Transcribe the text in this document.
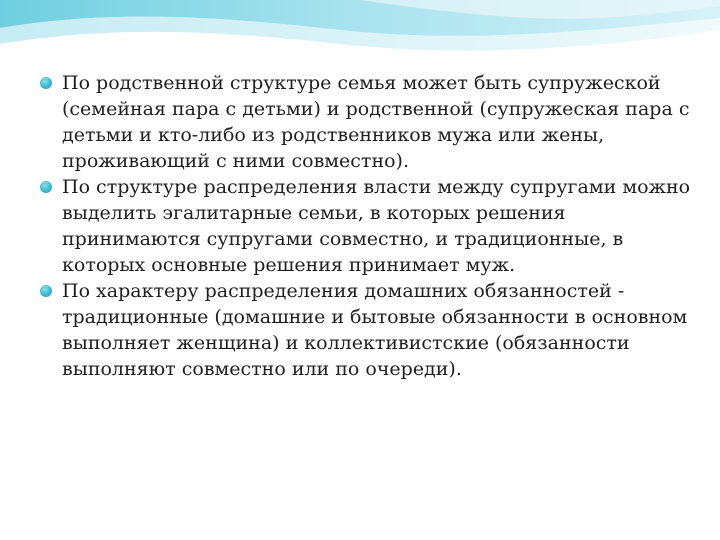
По родственной структуре семья может быть супружеской (семейная пара с детьми) и родственной (супружеская пара с детьми и кто-либо из родственников мужа или жены, проживающий с ними совместно).
По структуре распределения власти между супругами можно выделить эгалитарные семьи, в которых решения принимаются супругами совместно, и традиционные, в которых основные решения принимает муж.
По характеру распределения домашних обязанностей - традиционные (домашние и бытовые обязанности в основном выполняет женщина) и коллективистские (обязанности выполняют совместно или по очереди).
